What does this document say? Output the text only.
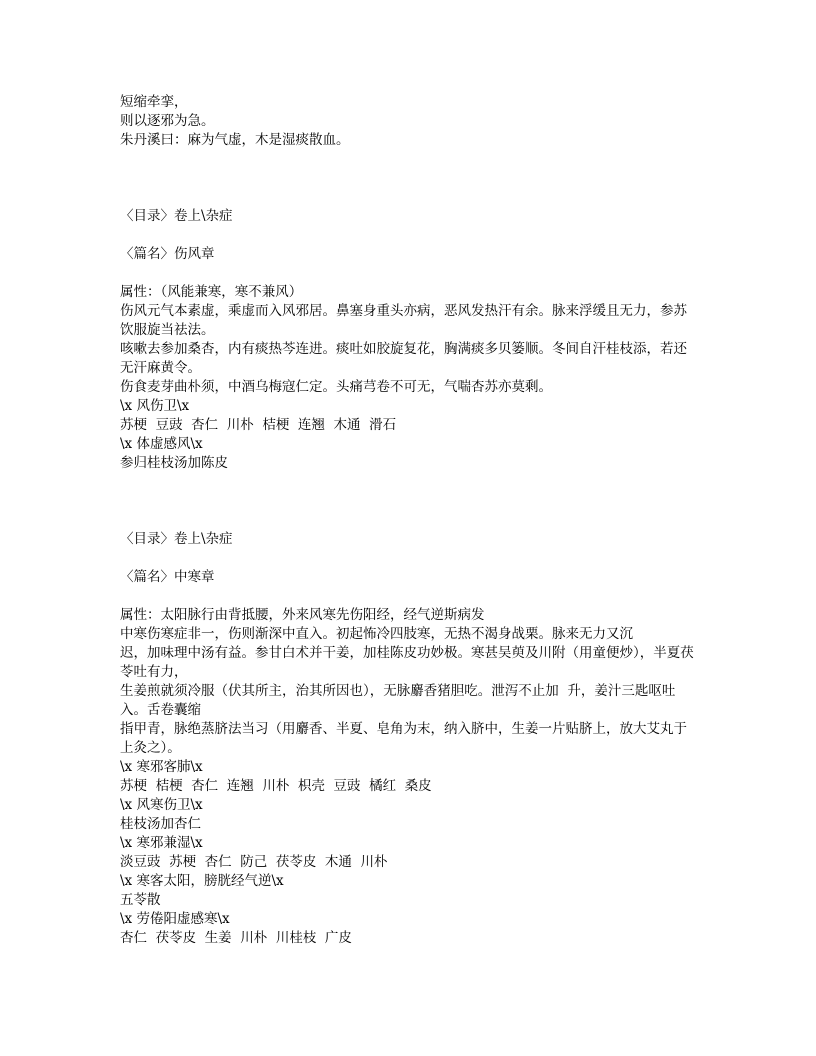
短缩牵挛，
则以逐邪为急。
朱丹溪曰：麻为气虚，木是湿痰散血。
〈目录〉卷上\杂症
〈篇名〉伤风章
属性：（风能兼寒，寒不兼风）
伤风元气本素虚，乘虚而入风邪居。鼻塞身重头亦病，恶风发热汗有余。脉来浮缓且无力，参苏饮服旋当祛法。
咳嗽去参加桑杏，内有痰热芩连进。痰吐如胶旋复花，胸满痰多贝篓顺。冬间自汗桂枝添，若还无汗麻黄令。
伤食麦芽曲朴须，中酒乌梅寇仁定。头痛芎卷不可无，气喘杏苏亦莫剩。
\x 风伤卫\x
苏梗  豆豉  杏仁  川朴  桔梗  连翘  木通  滑石
\x 体虚感风\x
参归桂枝汤加陈皮
〈目录〉卷上\杂症
〈篇名〉中寒章
属性：太阳脉行由背抵腰，外来风寒先伤阳经，经气逆斯病发
中寒伤寒症非一，伤则渐深中直入。初起怖冷四肢寒，无热不渴身战栗。脉来无力又沉
迟，加味理中汤有益。参甘白术并干姜，加桂陈皮功妙极。寒甚吴萸及川附（用童便炒），半夏茯苓吐有力，
生姜煎就须冷服（伏其所主，治其所因也），无脉麝香猪胆吃。泄泻不止加  升，姜汁三匙呕吐入。舌卷囊缩
指甲青，脉绝蒸脐法当习（用麝香、半夏、皂角为末，纳入脐中，生姜一片贴脐上，放大艾丸于上灸之）。
\x 寒邪客肺\x
苏梗  桔梗  杏仁  连翘  川朴  枳壳  豆豉  橘红  桑皮
\x 风寒伤卫\x
桂枝汤加杏仁
\x 寒邪兼湿\x
淡豆豉  苏梗  杏仁  防己  茯苓皮  木通  川朴
\x 寒客太阳，膀胱经气逆\x
五苓散
\x 劳倦阳虚感寒\x
杏仁  茯苓皮  生姜  川朴  川桂枝  广皮
